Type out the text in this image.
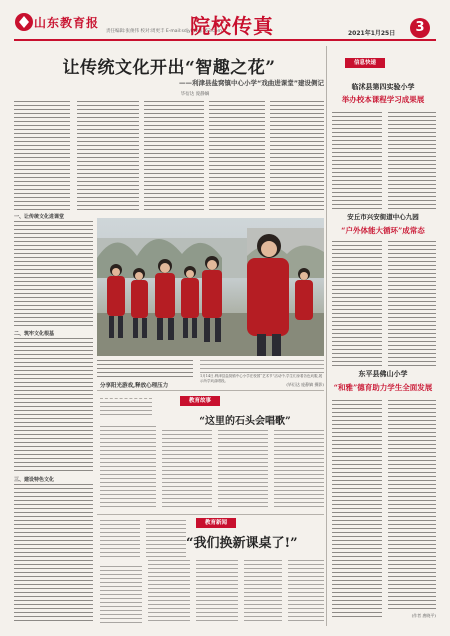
山东教育报
责任编辑:张俊伟 校对:周更丰 E-mail:sdjybfv@163.com
院校传真	2021年1月25日	3
让传统文化开出“智趣之花”
——利津县盐窝镇中心小学“戏曲进课堂”建设侧记
毕衍达 庞静嫡
一、让传统文化进课堂
二、筑牢文化根基
三、建设特色文化
1月14日,利津县盐窝镇中心小学在校园“艺术节”活动中,学生们身着各色戏服,展示所学戏曲唱段。
(毕衍达 庞静嫡 摄影)
分享阳光游戏,释放心理压力
教育故事
“这里的石头会唱歌”
教育新闻
“我们换新课桌了!”
信息快递
临沭县第四实验小学
举办校本课程学习成果展
安丘市兴安街道中心九园
“户外体能大循环”成常态
东平县佛山小学
“和雅”德育助力学生全面发展
(作者 唐晓平)
